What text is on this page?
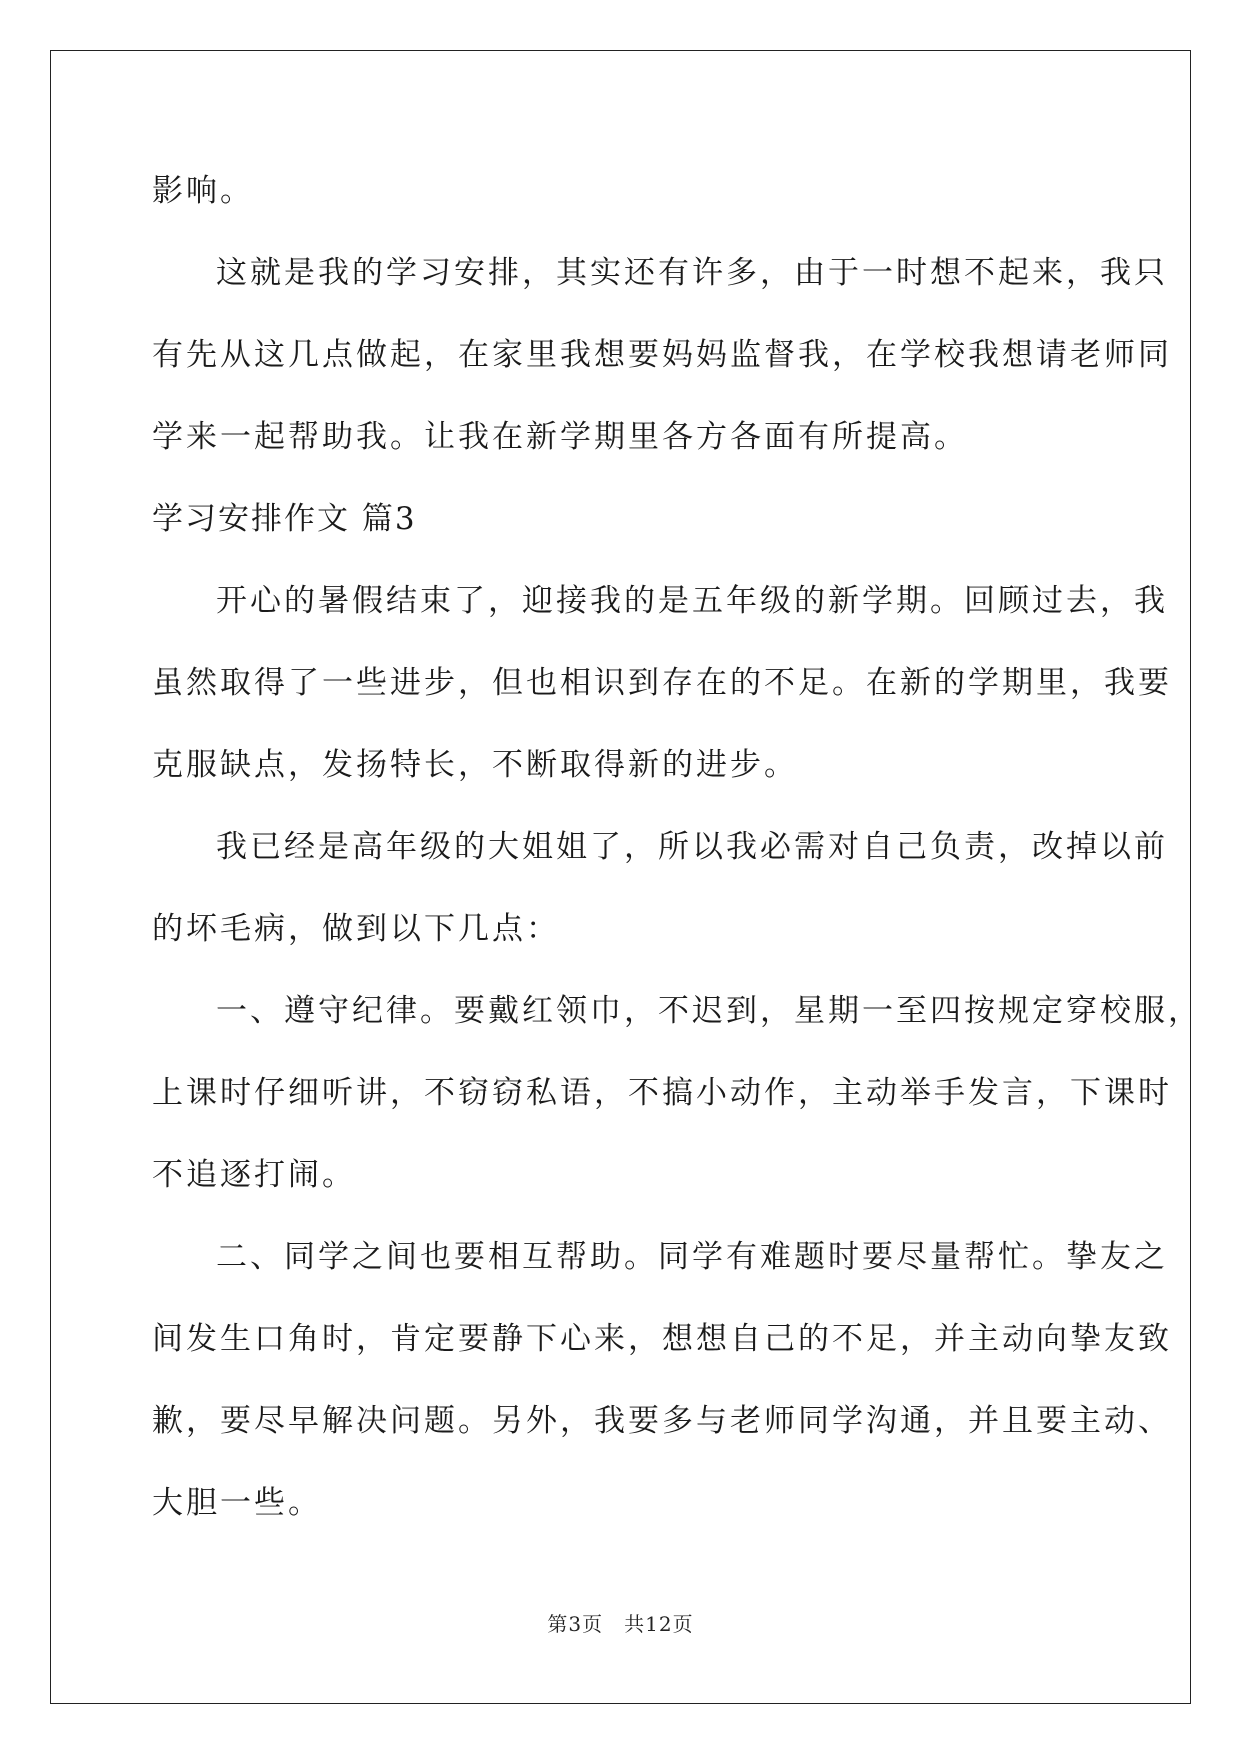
影响。

这就是我的学习安排，其实还有许多，由于一时想不起来，我只

有先从这几点做起，在家里我想要妈妈监督我，在学校我想请老师同

学来一起帮助我。让我在新学期里各方各面有所提高。

学习安排作文 篇3

开心的暑假结束了，迎接我的是五年级的新学期。回顾过去，我

虽然取得了一些进步，但也相识到存在的不足。在新的学期里，我要

克服缺点，发扬特长，不断取得新的进步。

我已经是高年级的大姐姐了，所以我必需对自己负责，改掉以前

的坏毛病，做到以下几点：

一、遵守纪律。要戴红领巾，不迟到，星期一至四按规定穿校服，

上课时仔细听讲，不窃窃私语，不搞小动作，主动举手发言，下课时

不追逐打闹。

二、同学之间也要相互帮助。同学有难题时要尽量帮忙。挚友之

间发生口角时，肯定要静下心来，想想自己的不足，并主动向挚友致

歉，要尽早解决问题。另外，我要多与老师同学沟通，并且要主动、

大胆一些。

第3页　共12页
